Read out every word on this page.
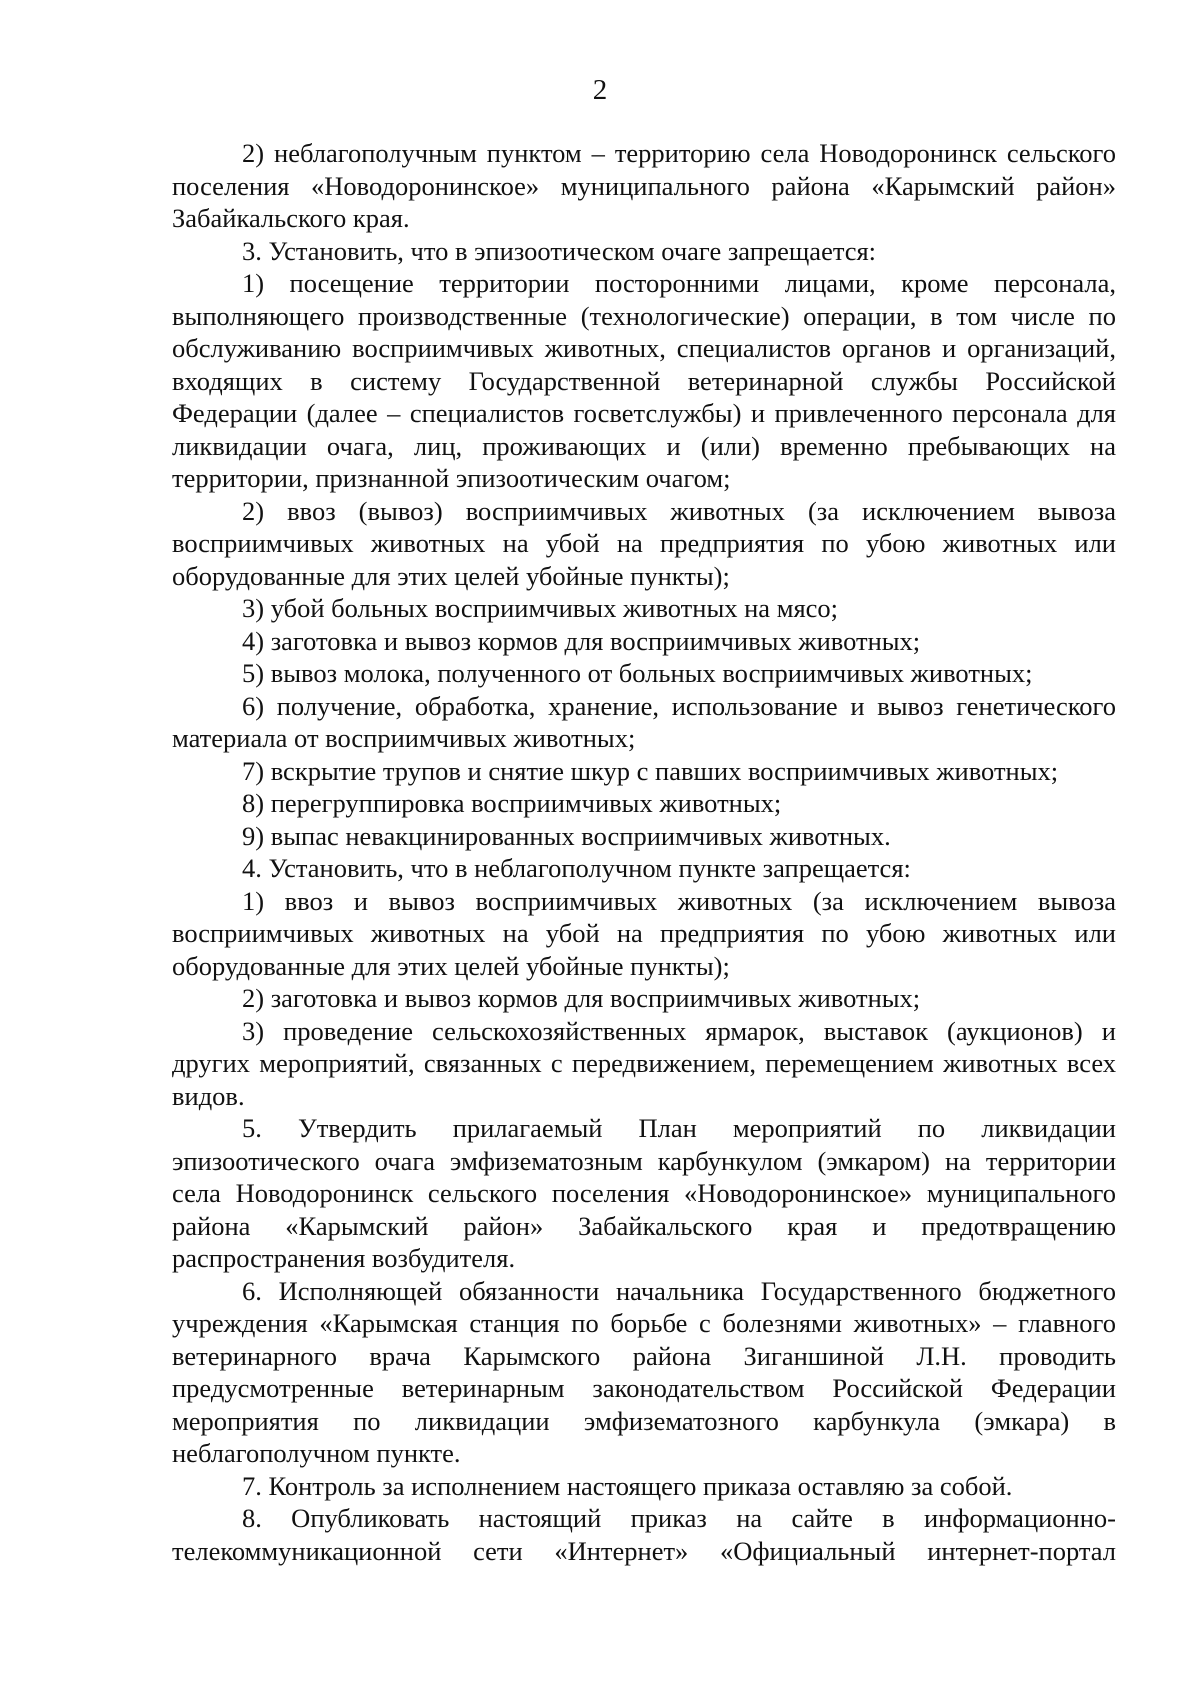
2

2) неблагополучным пунктом – территорию села Новодоронинск сельского поселения «Новодоронинское» муниципального района «Карымский район» Забайкальского края.

3. Установить, что в эпизоотическом очаге запрещается:

1) посещение территории посторонними лицами, кроме персонала, выполняющего производственные (технологические) операции, в том числе по обслуживанию восприимчивых животных, специалистов органов и организаций, входящих в систему Государственной ветеринарной службы Российской Федерации (далее – специалистов госветслужбы) и привлеченного персонала для ликвидации очага, лиц, проживающих и (или) временно пребывающих на территории, признанной эпизоотическим очагом;

2) ввоз (вывоз) восприимчивых животных (за исключением вывоза восприимчивых животных на убой на предприятия по убою животных или оборудованные для этих целей убойные пункты);

3) убой больных восприимчивых животных на мясо;

4) заготовка и вывоз кормов для восприимчивых животных;

5) вывоз молока, полученного от больных восприимчивых животных;

6) получение, обработка, хранение, использование и вывоз генетического материала от восприимчивых животных;

7) вскрытие трупов и снятие шкур с павших восприимчивых животных;

8) перегруппировка восприимчивых животных;

9) выпас невакцинированных восприимчивых животных.

4. Установить, что в неблагополучном пункте запрещается:

1) ввоз и вывоз восприимчивых животных (за исключением вывоза восприимчивых животных на убой на предприятия по убою животных или оборудованные для этих целей убойные пункты);

2) заготовка и вывоз кормов для восприимчивых животных;

3) проведение сельскохозяйственных ярмарок, выставок (аукционов) и других мероприятий, связанных с передвижением, перемещением животных всех видов.

5. Утвердить прилагаемый План мероприятий по ликвидации эпизоотического очага эмфизематозным карбункулом (эмкаром) на территории села Новодоронинск сельского поселения «Новодоронинское» муниципального района «Карымский район» Забайкальского края и предотвращению распространения возбудителя.

6. Исполняющей обязанности начальника Государственного бюджетного учреждения «Карымская станция по борьбе с болезнями животных» – главного ветеринарного врача Карымского района Зиганшиной Л.Н. проводить предусмотренные ветеринарным законодательством Российской Федерации мероприятия по ликвидации эмфизематозного карбункула (эмкара) в неблагополучном пункте.

7. Контроль за исполнением настоящего приказа оставляю за собой.

8. Опубликовать настоящий приказ на сайте в информационно-телекоммуникационной сети «Интернет» «Официальный интернет-портал
